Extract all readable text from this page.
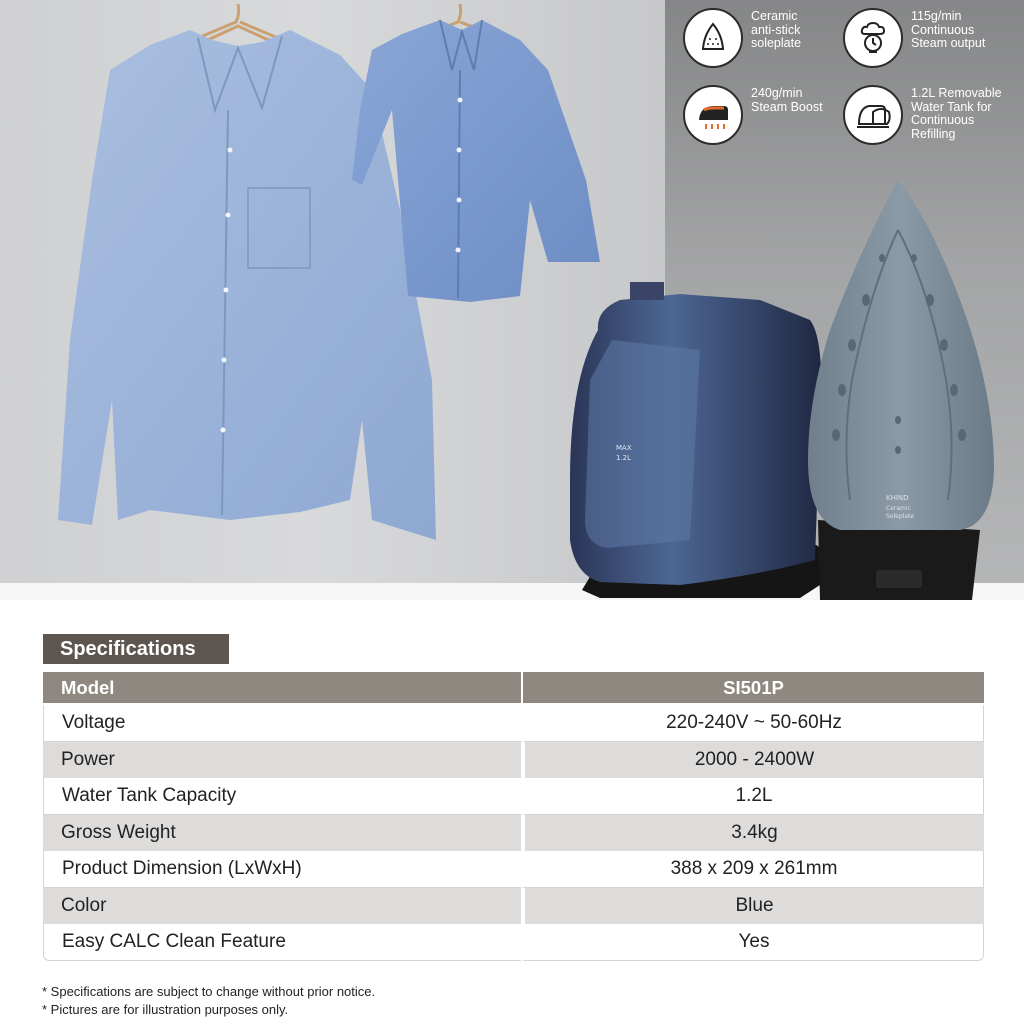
MAX
1.2L
KHIND
Ceramic
Soleplate
Ceramic
anti-stick
soleplate
115g/min
Continuous
Steam output
240g/min
Steam Boost
1.2L Removable
Water Tank for
Continuous
Refilling
Specifications
Model	SI501P
Voltage	220-240V ~ 50-60Hz
Power	2000 - 2400W
Water Tank Capacity	1.2L
Gross Weight	3.4kg
Product Dimension (LxWxH)	388 x 209 x 261mm
Color	Blue
Easy CALC Clean Feature	Yes
* Specifications are subject to change without prior notice.
* Pictures are for illustration purposes only.
